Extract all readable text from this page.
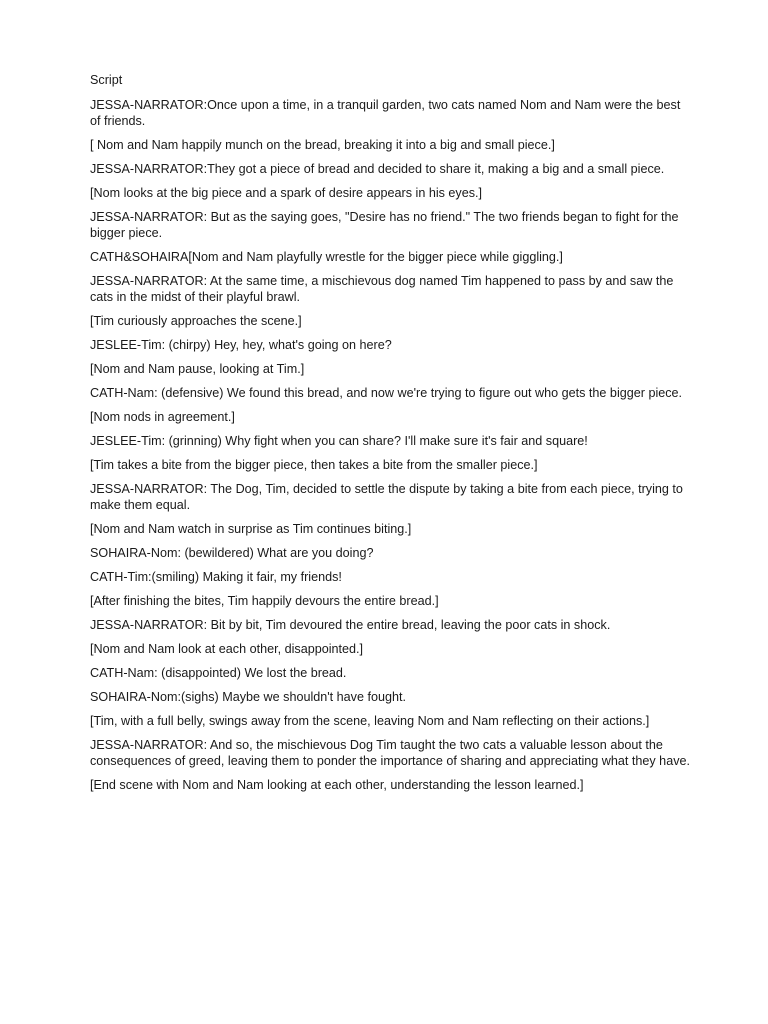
Script

JESSA-NARRATOR:Once upon a time, in a tranquil garden, two cats named Nom and Nam were the best of friends.

[ Nom and Nam happily munch on the bread, breaking it into a big and small piece.]

JESSA-NARRATOR:They got a piece of bread and decided to share it, making a big and a small piece.

[Nom looks at the big piece and a spark of desire appears in his eyes.]

JESSA-NARRATOR: But as the saying goes, "Desire has no friend." The two friends began to fight for the bigger piece.

CATH&SOHAIRA[Nom and Nam playfully wrestle for the bigger piece while giggling.]

JESSA-NARRATOR: At the same time, a mischievous dog named Tim happened to pass by and saw the cats in the midst of their playful brawl.

[Tim curiously approaches the scene.]

JESLEE-Tim: (chirpy) Hey, hey, what's going on here?

[Nom and Nam pause, looking at Tim.]

CATH-Nam: (defensive) We found this bread, and now we're trying to figure out who gets the bigger piece.

[Nom nods in agreement.]

JESLEE-Tim: (grinning) Why fight when you can share? I'll make sure it's fair and square!

[Tim takes a bite from the bigger piece, then takes a bite from the smaller piece.]

JESSA-NARRATOR: The Dog, Tim, decided to settle the dispute by taking a bite from each piece, trying to make them equal.

[Nom and Nam watch in surprise as Tim continues biting.]

SOHAIRA-Nom: (bewildered) What are you doing?

CATH-Tim:(smiling) Making it fair, my friends!

[After finishing the bites, Tim happily devours the entire bread.]

JESSA-NARRATOR: Bit by bit, Tim devoured the entire bread, leaving the poor cats in shock.

[Nom and Nam look at each other, disappointed.]

CATH-Nam: (disappointed) We lost the bread.

SOHAIRA-Nom:(sighs) Maybe we shouldn't have fought.

[Tim, with a full belly, swings away from the scene, leaving Nom and Nam reflecting on their actions.]

JESSA-NARRATOR: And so, the mischievous Dog Tim taught the two cats a valuable lesson about the consequences of greed, leaving them to ponder the importance of sharing and appreciating what they have.

[End scene with Nom and Nam looking at each other, understanding the lesson learned.]
